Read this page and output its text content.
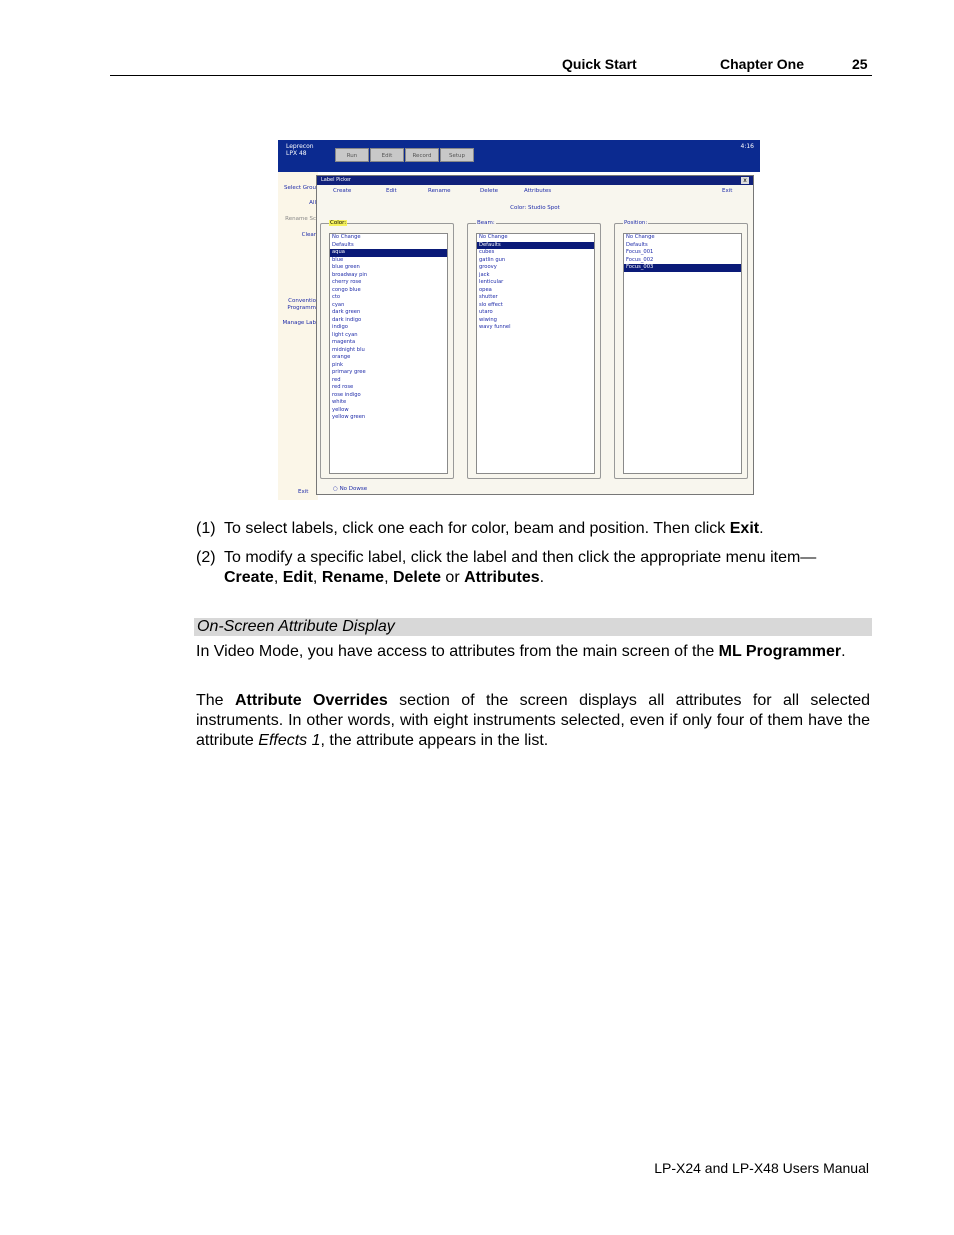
Quick Start	Chapter One	25
Leprecon
LPX 48
4:16
Run	Edit	Record	Setup
Select Grou
All
Rename Sc
Clear
Conventio
Programm
Manage Lab
Label Picker	x
Create	Edit	Rename	Delete	Attributes	Exit
Color: Studio Spot
Color:
No Change
Defaults
aqua
blue
blue green
broadway pin
cherry rose
congo blue
cto
cyan
dark green
dark indigo
indigo
light cyan
magenta
midnight blu
orange
pink
primary gree
red
red rose
rose indigo
white
yellow
yellow green
Beam:
No Change
Defaults
cubes
gatlin gun
groovy
jack
lenticular
opea
shutter
slo effect
utaro
wiwing
wavy funnel
Position:
No Change
Defaults
Focus_001
Focus_002
Focus_003
Exit	○ No Dowse
(1) To select labels, click one each for color, beam and position. Then click Exit.
(2) To modify a specific label, click the label and then click the appropriate menu item—
Create, Edit, Rename, Delete or Attributes.
On-Screen Attribute Display
In Video Mode, you have access to attributes from the main screen of the ML Programmer.
The Attribute Overrides section of the screen displays all attributes for all selected instruments. In other words, with eight instruments selected, even if only four of them have the attribute Effects 1, the attribute appears in the list.
LP-X24 and LP-X48 Users Manual
